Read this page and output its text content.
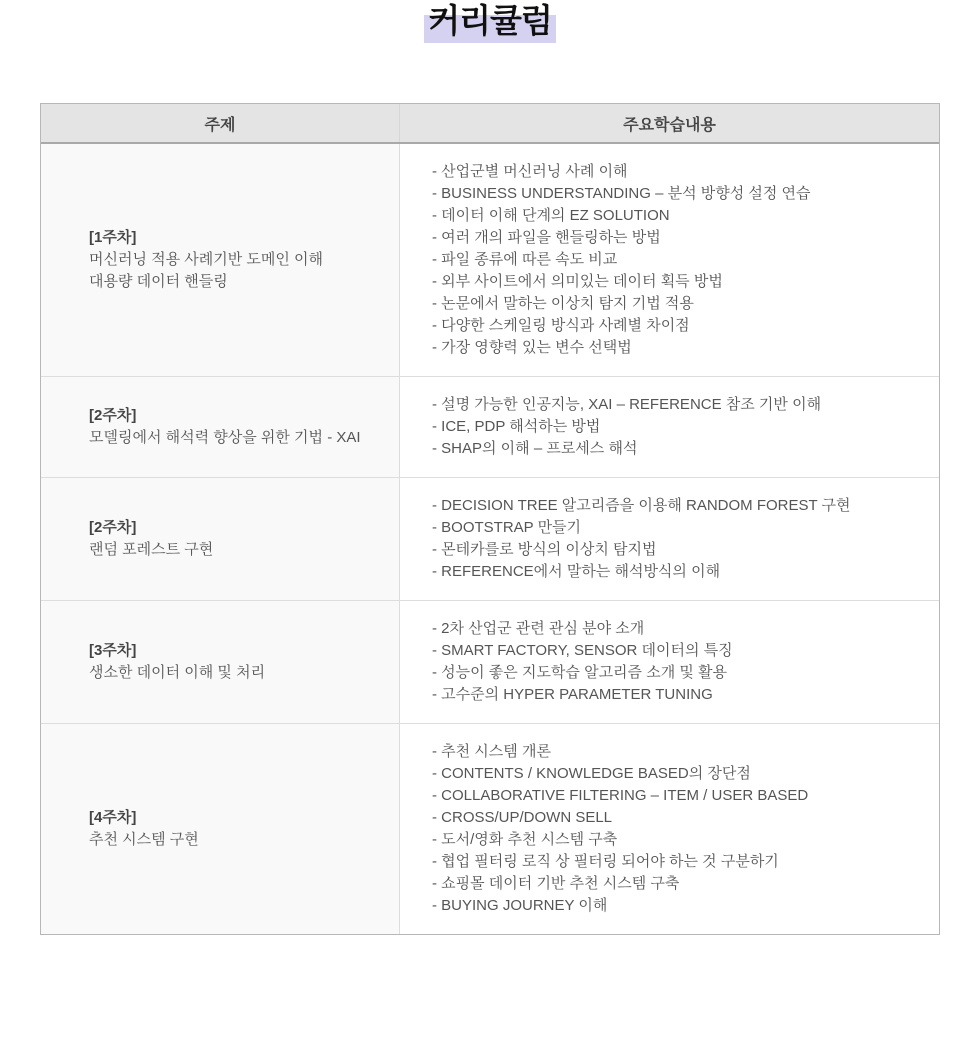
커리큘럼
주제	주요학습내용
[1주차]
머신러닝 적용 사례기반 도메인 이해
대용량 데이터 핸들링
- 산업군별 머신러닝 사례 이해
- BUSINESS UNDERSTANDING – 분석 방향성 설정 연습
- 데이터 이해 단계의 EZ SOLUTION
- 여러 개의 파일을 핸들링하는 방법
- 파일 종류에 따른 속도 비교
- 외부 사이트에서 의미있는 데이터 획득 방법
- 논문에서 말하는 이상치 탐지 기법 적용
- 다양한 스케일링 방식과 사례별 차이점
- 가장 영향력 있는 변수 선택법
[2주차]
모델링에서 해석력 향상을 위한 기법 - XAI
- 설명 가능한 인공지능, XAI – REFERENCE 참조 기반 이해
- ICE, PDP 해석하는 방법
- SHAP의 이해 – 프로세스 해석
[2주차]
랜덤 포레스트 구현
- DECISION TREE 알고리즘을 이용해 RANDOM FOREST 구현
- BOOTSTRAP 만들기
- 몬테카를로 방식의 이상치 탐지법
- REFERENCE에서 말하는 해석방식의 이해
[3주차]
생소한 데이터 이해 및 처리
- 2차 산업군 관련 관심 분야 소개
- SMART FACTORY, SENSOR 데이터의 특징
- 성능이 좋은 지도학습 알고리즘 소개 및 활용
- 고수준의 HYPER PARAMETER TUNING
[4주차]
추천 시스템 구현
- 추천 시스템 개론
- CONTENTS / KNOWLEDGE BASED의 장단점
- COLLABORATIVE FILTERING – ITEM / USER BASED
- CROSS/UP/DOWN SELL
- 도서/영화 추천 시스템 구축
- 협업 필터링 로직 상 필터링 되어야 하는 것 구분하기
- 쇼핑몰 데이터 기반 추천 시스템 구축
- BUYING JOURNEY 이해
